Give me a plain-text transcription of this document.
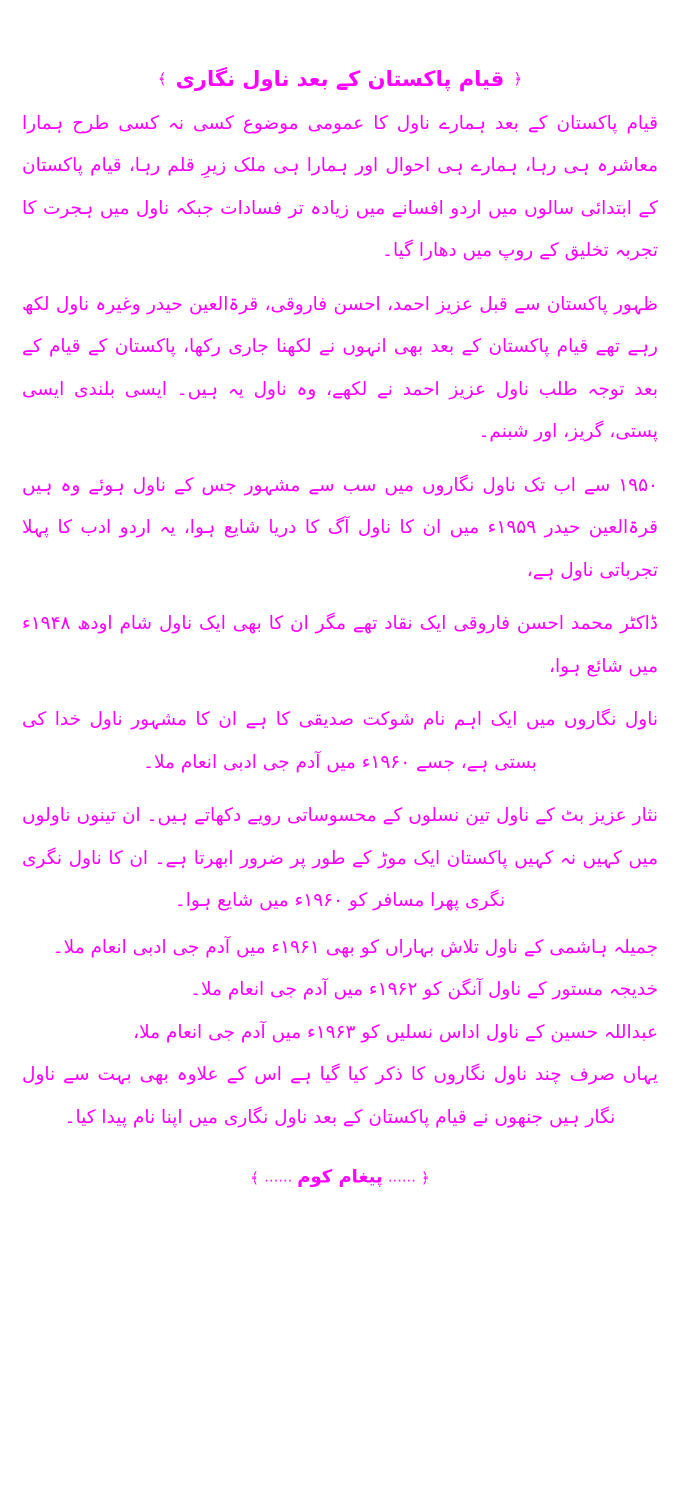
﴿ قیام پاکستان کے بعد ناول نگاری ﴾

قیام پاکستان کے بعد ہمارے ناول کا عمومی موضوع کسی نہ کسی طرح ہمارا معاشرہ ہی رہا، ہمارے ہی احوال اور ہمارا ہی ملک زیرِ قلم رہا، قیام پاکستان کے ابتدائی سالوں میں اردو افسانے میں زیادہ تر فسادات جبکہ ناول میں ہجرت کا تجربہ تخلیق کے روپ میں دھارا گیا۔

ظہور پاکستان سے قبل عزیز احمد، احسن فاروقی، قرۃالعین حیدر وغیرہ ناول لکھ رہے تھے قیام پاکستان کے بعد بھی انہوں نے لکھنا جاری رکھا، پاکستان کے قیام کے بعد توجہ طلب ناول عزیز احمد نے لکھے، وہ ناول یہ ہیں۔ ایسی بلندی ایسی پستی، گریز، اور شبنم۔

۱۹۵۰ سے اب تک ناول نگاروں میں سب سے مشہور جس کے ناول ہوئے وہ ہیں قرۃالعین حیدر ۱۹۵۹ء میں ان کا ناول آگ کا دریا شایع ہوا، یہ اردو ادب کا پہلا تجرباتی ناول ہے،

ڈاکٹر محمد احسن فاروقی ایک نقاد تھے مگر ان کا بھی ایک ناول شام اودھ ۱۹۴۸ء میں شائع ہوا،

ناول نگاروں میں ایک اہم نام شوکت صدیقی کا ہے ان کا مشہور ناول خدا کی بستی ہے، جسے ۱۹۶۰ء میں آدم جی ادبی انعام ملا۔

نثار عزیز بٹ کے ناول تین نسلوں کے محسوساتی رویے دکھاتے ہیں۔ ان تینوں ناولوں میں کہیں نہ کہیں پاکستان ایک موڑ کے طور پر ضرور ابھرتا ہے۔ ان کا ناول نگری نگری پھرا مسافر کو ۱۹۶۰ء میں شایع ہوا۔

جمیلہ ہاشمی کے ناول تلاش بہاراں کو بھی ۱۹۶۱ء میں آدم جی ادبی انعام ملا۔

خدیجہ مستور کے ناول آنگن کو ۱۹۶۲ء میں آدم جی انعام ملا۔

عبداللہ حسین کے ناول اداس نسلیں کو ۱۹۶۳ء میں آدم جی انعام ملا،

یہاں صرف چند ناول نگاروں کا ذکر کیا گیا ہے اس کے علاوہ بھی بہت سے ناول نگار ہیں جنھوں نے قیام پاکستان کے بعد ناول نگاری میں اپنا نام پیدا کیا۔

﴿ …… پیغام کوم …… ﴾
